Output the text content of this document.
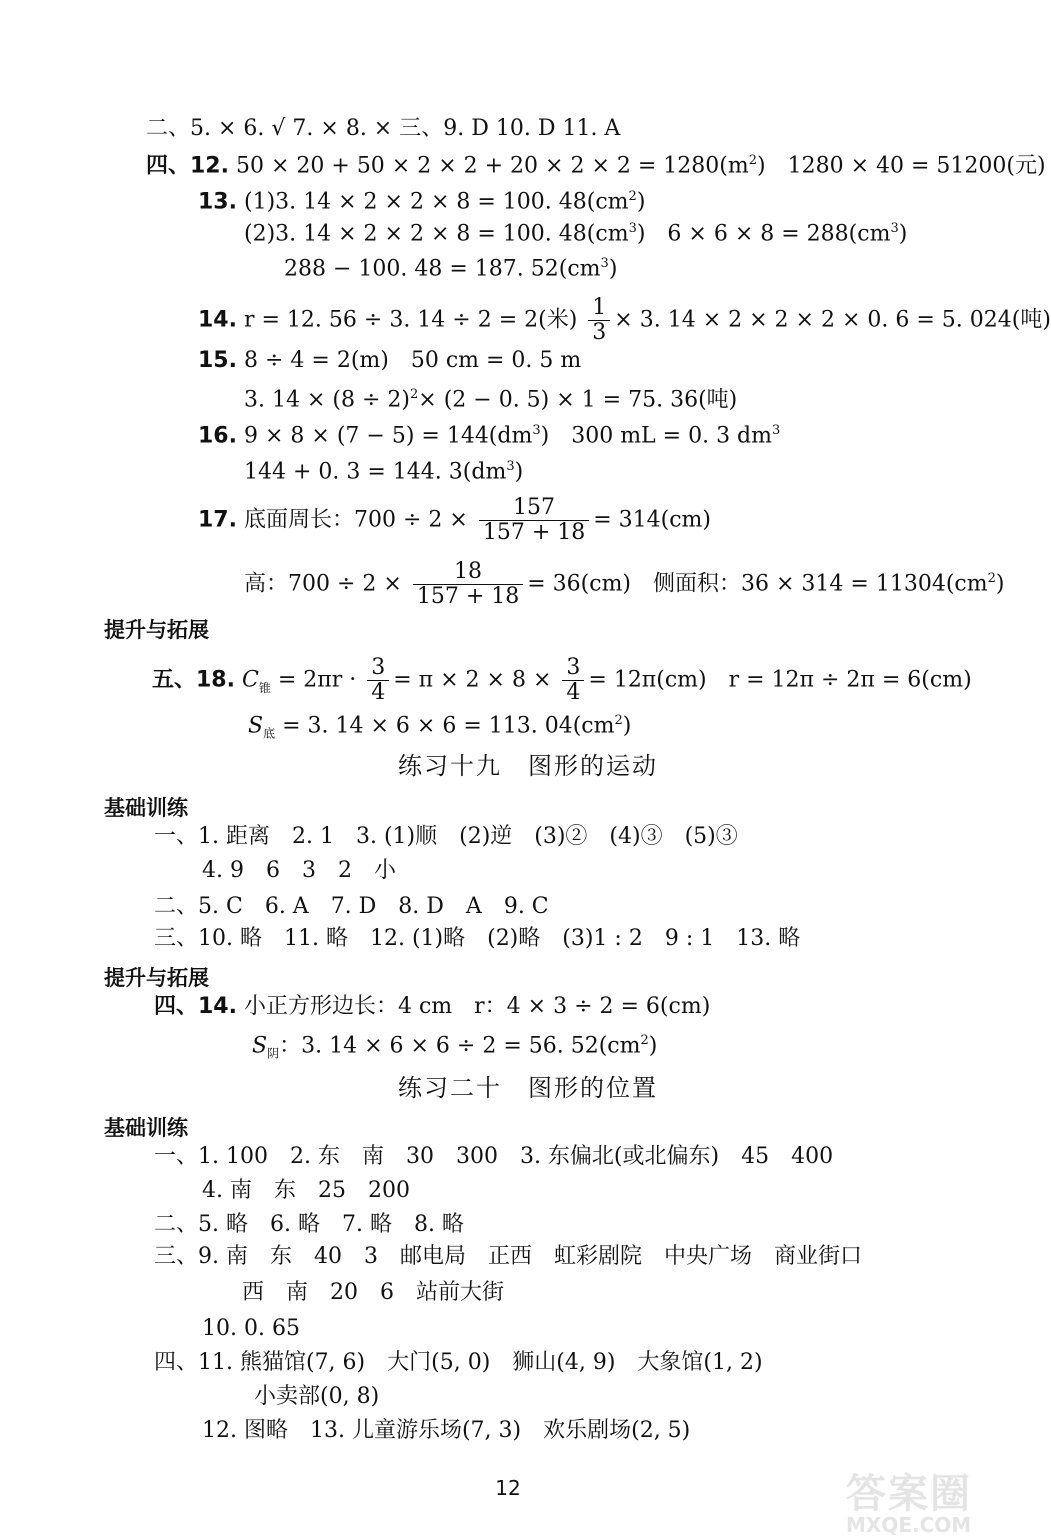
二、5. × 6. √ 7. × 8. × 三、9. D 10. D 11. A
四、12. $50 \times 20 + 50 \times 2 \times 2 + 20 \times 2 \times 2 = 1280(m^2)$　1280 × 40 = 51200(元)
13. (1)3. 14 × 2 × 2 × 8 = 100. $48(cm^2)$
(2)3. 14 × 2 × 2 × 8 = 100. $48(cm^3)$　$6 \times 6 \times 8 = 288(cm^3)$
288 − 100. 48 = 187. $52(cm^3)$
14. r = 12. 56 ÷ 3. 14 ÷ 2 = 2(米) $\frac{1}{3} \times 3$. 14 × 2 × 2 × 2 × 0. 6 = 5. 024(吨)
15. 8 ÷ 4 = 2(m)　50 cm = 0. 5 m
3. $14 \times (8 \div 2)^2\times (2 - 0$. 5) × 1 = 75. 36(吨)
16. $9 \times 8 \times (7 - 5) = 144(dm^3)$　300 mL = 0. 3 $dm^3$
144 + 0. 3 = 144. $3(dm^3)$
17. 底面周长：$700 \div 2 \times \frac{157}{157 + 18} = 314(cm)$
高：$700 \div 2 \times \frac{18}{157 + 18} = 36(cm)$　侧面积：$36 \times 314 = 11304(cm^2)$
提升与拓展
五、18. $C_锥 = 2\pi r \cdot \frac{3}{4} = \pi \times 2 \times 8 \times \frac{3}{4} = 12\pi(cm)$　r = 12π ÷ 2π = 6(cm)
$S_底 = 3$. 14 × 6 × 6 = 113. $04(cm^2)$
练习十九　图形的运动
基础训练
一、1. 距离　2. 1　3. (1)顺　(2)逆　(3)②　(4)③　(5)③
4. 9　6　3　2　小
二、5. C　6. A　7. D　8. D　A　9. C
三、10. 略　11. 略　12. (1)略　(2)略　(3)1 : 2　9 : 1　13. 略
提升与拓展
四、14. 小正方形边长：4 cm　r：4 × 3 ÷ 2 = 6(cm)
$S_阴$：3. 14 × 6 × 6 ÷ 2 = 56. $52(cm^2)$
练习二十　图形的位置
基础训练
一、1. 100　2. 东　南　30　300　3. 东偏北(或北偏东)　45　400
4. 南　东　25　200
二、5. 略　6. 略　7. 略　8. 略
三、9. 南　东　40　3　邮电局　正西　虹彩剧院　中央广场　商业街口
西　南　20　6　站前大街
10. 0. 65
四、11. 熊猫馆(7, 6)　大门(5, 0)　狮山(4, 9)　大象馆(1, 2)
小卖部(0, 8)
12. 图略　13. 儿童游乐场(7, 3)　欢乐剧场(2, 5)
12	答案圈
MXQE.COM
